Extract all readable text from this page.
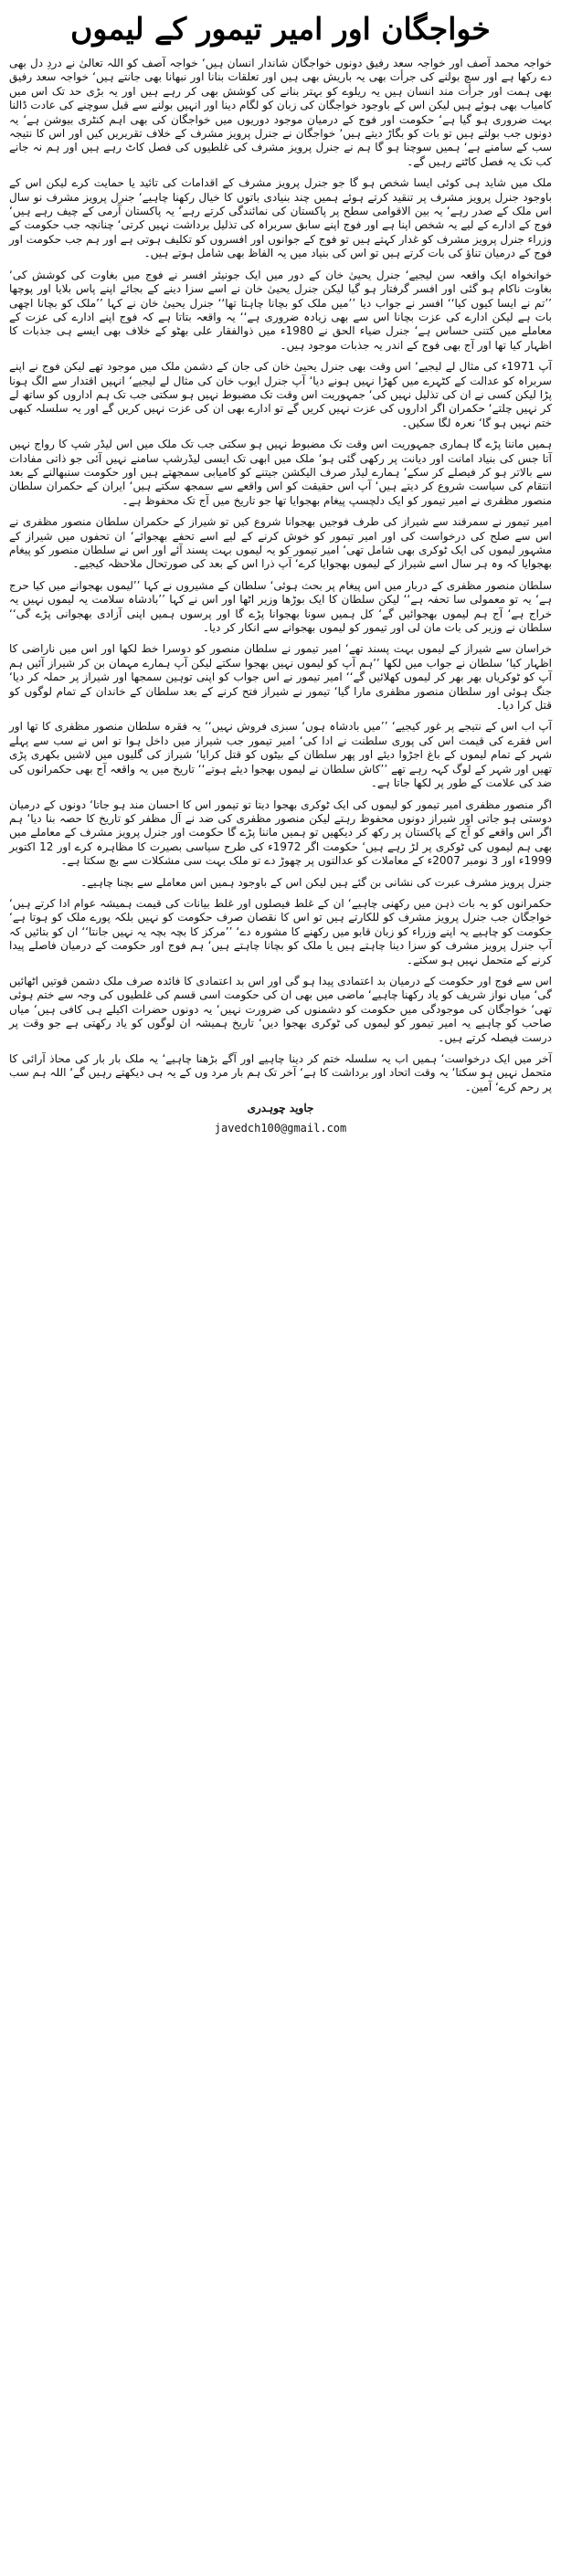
خواجگان اور امیر تیمور کے لیموں

خواجہ محمد آصف اور خواجہ سعد رفیق دونوں خواجگان شاندار انسان ہیں‘ خواجہ آصف کو اللہ تعالیٰ نے دردِ دل بھی دے رکھا ہے اور سچ بولنے کی جرأت بھی یہ باریش بھی ہیں اور تعلقات بنانا اور نبھانا بھی جانتے ہیں‘ خواجہ سعد رفیق بھی ہمت اور جرأت مند انسان ہیں یہ ریلوے کو بہتر بنانے کی کوشش بھی کر رہے ہیں اور یہ بڑی حد تک اس میں کامیاب بھی ہوئے ہیں لیکن اس کے باوجود خواجگان کی زبان کو لگام دینا اور انہیں بولنے سے قبل سوچنے کی عادت ڈالنا بہت ضروری ہو گیا ہے‘ حکومت اور فوج کے درمیان موجود دوریوں میں خواجگان کی بھی اہم کنٹری بیوشن ہے‘ یہ دونوں جب بولتے ہیں تو بات کو بگاڑ دیتے ہیں‘ خواجگان نے جنرل پرویز مشرف کے خلاف تقریریں کیں اور اس کا نتیجہ سب کے سامنے ہے‘ ہمیں سوچنا ہو گا ہم نے جنرل پرویز مشرف کی غلطیوں کی فصل کاٹ رہے ہیں اور ہم نہ جانے کب تک یہ فصل کاٹتے رہیں گے۔

ملک میں شاید ہی کوئی ایسا شخص ہو گا جو جنرل پرویز مشرف کے اقدامات کی تائید یا حمایت کرے لیکن اس کے باوجود جنرل پرویز مشرف پر تنقید کرتے ہوئے ہمیں چند بنیادی باتوں کا خیال رکھنا چاہیے‘ جنرل پرویز مشرف نو سال اس ملک کے صدر رہے‘ یہ بین الاقوامی سطح پر پاکستان کی نمائندگی کرتے رہے‘ یہ پاکستان آرمی کے چیف رہے ہیں‘ فوج کے ادارے کے لیے یہ شخص اپنا ہے اور فوج اپنے سابق سربراہ کی تذلیل برداشت نہیں کرتی‘ چنانچہ جب حکومت کے وزراء جنرل پرویز مشرف کو غدار کہتے ہیں تو فوج کے جوانوں اور افسروں کو تکلیف ہوتی ہے اور ہم جب حکومت اور فوج کے درمیان تناؤ کی بات کرتے ہیں تو اس کی بنیاد میں یہ الفاظ بھی شامل ہوتے ہیں۔

خوانخواہ ایک واقعہ سن لیجیے‘ جنرل یحییٰ خان کے دور میں ایک جونیئر افسر نے فوج میں بغاوت کی کوشش کی‘ بغاوت ناکام ہو گئی اور افسر گرفتار ہو گیا لیکن جنرل یحییٰ خان نے اسے سزا دینے کے بجائے اپنے پاس بلایا اور پوچھا ’’تم نے ایسا کیوں کیا‘‘ افسر نے جواب دیا ’’میں ملک کو بچانا چاہتا تھا‘‘ جنرل یحییٰ خان نے کہا ’’ملک کو بچانا اچھی بات ہے لیکن ادارے کی عزت بچانا اس سے بھی زیادہ ضروری ہے‘‘ یہ واقعہ بتاتا ہے کہ فوج اپنے ادارے کی عزت کے معاملے میں کتنی حساس ہے‘ جنرل ضیاء الحق نے 1980ء میں ذوالفقار علی بھٹو کے خلاف بھی ایسے ہی جذبات کا اظہار کیا تھا اور آج بھی فوج کے اندر یہ جذبات موجود ہیں۔

آپ 1971ء کی مثال لے لیجیے‘ اس وقت بھی جنرل یحییٰ خان کی جان کے دشمن ملک میں موجود تھے لیکن فوج نے اپنے سربراہ کو عدالت کے کٹہرے میں کھڑا نہیں ہونے دیا‘ آپ جنرل ایوب خان کی مثال لے لیجیے‘ انہیں اقتدار سے الگ ہونا پڑا لیکن کسی نے ان کی تذلیل نہیں کی‘ جمہوریت اس وقت تک مضبوط نہیں ہو سکتی جب تک ہم اداروں کو ساتھ لے کر نہیں چلتے‘ حکمران اگر اداروں کی عزت نہیں کریں گے تو ادارے بھی ان کی عزت نہیں کریں گے اور یہ سلسلہ کبھی ختم نہیں ہو گا‘ نعرہ لگا سکیں۔

ہمیں ماننا پڑے گا ہماری جمہوریت اس وقت تک مضبوط نہیں ہو سکتی جب تک ملک میں اس لیڈر شپ کا رواج نہیں آتا جس کی بنیاد امانت اور دیانت پر رکھی گئی ہو‘ ملک میں ابھی تک ایسی لیڈرشپ سامنے نہیں آئی جو ذاتی مفادات سے بالاتر ہو کر فیصلے کر سکے‘ ہمارے لیڈر صرف الیکشن جیتنے کو کامیابی سمجھتے ہیں اور حکومت سنبھالنے کے بعد انتقام کی سیاست شروع کر دیتے ہیں‘ آپ اس حقیقت کو اس واقعے سے سمجھ سکتے ہیں‘ ایران کے حکمران سلطان منصور مظفری نے امیر تیمور کو ایک دلچسپ پیغام بھجوایا تھا جو تاریخ میں آج تک محفوظ ہے۔

امیر تیمور نے سمرقند سے شیراز کی طرف فوجیں بھجوانا شروع کیں تو شیراز کے حکمران سلطان منصور مظفری نے اس سے صلح کی درخواست کی اور امیر تیمور کو خوش کرنے کے لیے اسے تحفے بھجوائے‘ ان تحفوں میں شیراز کے مشہور لیموں کی ایک ٹوکری بھی شامل تھی‘ امیر تیمور کو یہ لیموں بہت پسند آئے اور اس نے سلطان منصور کو پیغام بھجوایا کہ وہ ہر سال اسے شیراز کے لیموں بھجوایا کرے‘ آپ ذرا اس کے بعد کی صورتحال ملاحظہ کیجیے۔

سلطان منصور مظفری کے دربار میں اس پیغام پر بحث ہوئی‘ سلطان کے مشیروں نے کہا ’’لیموں بھجوانے میں کیا حرج ہے‘ یہ تو معمولی سا تحفہ ہے‘‘ لیکن سلطان کا ایک بوڑھا وزیر اٹھا اور اس نے کہا ’’بادشاہ سلامت یہ لیموں نہیں یہ خراج ہے‘ آج ہم لیموں بھجوائیں گے‘ کل ہمیں سونا بھجوانا پڑے گا اور پرسوں ہمیں اپنی آزادی بھجوانی پڑے گی‘‘ سلطان نے وزیر کی بات مان لی اور تیمور کو لیموں بھجوانے سے انکار کر دیا۔

خراسان سے شیراز کے لیموں بہت پسند تھے‘ امیر تیمور نے سلطان منصور کو دوسرا خط لکھا اور اس میں ناراضی کا اظہار کیا‘ سلطان نے جواب میں لکھا ’’ہم آپ کو لیموں نہیں بھجوا سکتے لیکن آپ ہمارے مہمان بن کر شیراز آئیں ہم آپ کو ٹوکریاں بھر بھر کر لیموں کھلائیں گے‘‘ امیر تیمور نے اس جواب کو اپنی توہین سمجھا اور شیراز پر حملہ کر دیا‘ جنگ ہوئی اور سلطان منصور مظفری مارا گیا‘ تیمور نے شیراز فتح کرنے کے بعد سلطان کے خاندان کے تمام لوگوں کو قتل کرا دیا۔

آپ اب اس کے نتیجے پر غور کیجیے‘ ’’میں بادشاہ ہوں‘ سبزی فروش نہیں‘‘ یہ فقرہ سلطان منصور مظفری کا تھا اور اس فقرے کی قیمت اس کی پوری سلطنت نے ادا کی‘ امیر تیمور جب شیراز میں داخل ہوا تو اس نے سب سے پہلے شہر کے تمام لیموں کے باغ اجڑوا دیئے اور پھر سلطان کے بیٹوں کو قتل کرایا‘ شیراز کی گلیوں میں لاشیں بکھری پڑی تھیں اور شہر کے لوگ کہہ رہے تھے ’’کاش سلطان نے لیموں بھجوا دیئے ہوتے‘‘ تاریخ میں یہ واقعہ آج بھی حکمرانوں کی ضد کی علامت کے طور پر لکھا جاتا ہے۔

اگر منصور مظفری امیر تیمور کو لیموں کی ایک ٹوکری بھجوا دیتا تو تیمور اس کا احسان مند ہو جاتا‘ دونوں کے درمیان دوستی ہو جاتی اور شیراز دونوں محفوظ رہتے لیکن منصور مظفری کی ضد نے آل مظفر کو تاریخ کا حصہ بنا دیا‘ ہم اگر اس واقعے کو آج کے پاکستان پر رکھ کر دیکھیں تو ہمیں ماننا پڑے گا حکومت اور جنرل پرویز مشرف کے معاملے میں بھی ہم لیموں کی ٹوکری پر لڑ رہے ہیں‘ حکومت اگر 1972ء کی طرح سیاسی بصیرت کا مظاہرہ کرے اور 12 اکتوبر 1999ء اور 3 نومبر 2007ء کے معاملات کو عدالتوں پر چھوڑ دے تو ملک بہت سی مشکلات سے بچ سکتا ہے۔

جنرل پرویز مشرف عبرت کی نشانی بن گئے ہیں لیکن اس کے باوجود ہمیں اس معاملے سے بچنا چاہیے۔

حکمرانوں کو یہ بات ذہن میں رکھنی چاہیے‘ ان کے غلط فیصلوں اور غلط بیانات کی قیمت ہمیشہ عوام ادا کرتے ہیں‘ خواجگان جب جنرل پرویز مشرف کو للکارتے ہیں تو اس کا نقصان صرف حکومت کو نہیں بلکہ پورے ملک کو ہوتا ہے‘ حکومت کو چاہیے یہ اپنے وزراء کو زبان قابو میں رکھنے کا مشورہ دے‘ ’’مرکز کا بچہ بچہ یہ نہیں جانتا‘‘ ان کو بتائیں کہ آپ جنرل پرویز مشرف کو سزا دینا چاہتے ہیں یا ملک کو بچانا چاہتے ہیں‘ ہم فوج اور حکومت کے درمیان فاصلے پیدا کرنے کے متحمل نہیں ہو سکتے۔

اس سے فوج اور حکومت کے درمیان بد اعتمادی پیدا ہو گی اور اس بد اعتمادی کا فائدہ صرف ملک دشمن قوتیں اٹھائیں گی‘ میاں نواز شریف کو یاد رکھنا چاہیے‘ ماضی میں بھی ان کی حکومت اسی قسم کی غلطیوں کی وجہ سے ختم ہوئی تھی‘ خواجگان کی موجودگی میں حکومت کو دشمنوں کی ضرورت نہیں‘ یہ دونوں حضرات اکیلے ہی کافی ہیں‘ میاں صاحب کو چاہیے یہ امیر تیمور کو لیموں کی ٹوکری بھجوا دیں‘ تاریخ ہمیشہ ان لوگوں کو یاد رکھتی ہے جو وقت پر درست فیصلہ کرتے ہیں۔

آخر میں ایک درخواست‘ ہمیں اب یہ سلسلہ ختم کر دینا چاہیے اور آگے بڑھنا چاہیے‘ یہ ملک بار بار کی محاذ آرائی کا متحمل نہیں ہو سکتا‘ یہ وقت اتحاد اور برداشت کا ہے‘ آخر تک ہم بار مرد وں کے یہ ہی دیکھتے رہیں گے‘ اللہ ہم سب پر رحم کرے‘ آمین۔

جاوید چوہدری
javedch100@gmail.com
